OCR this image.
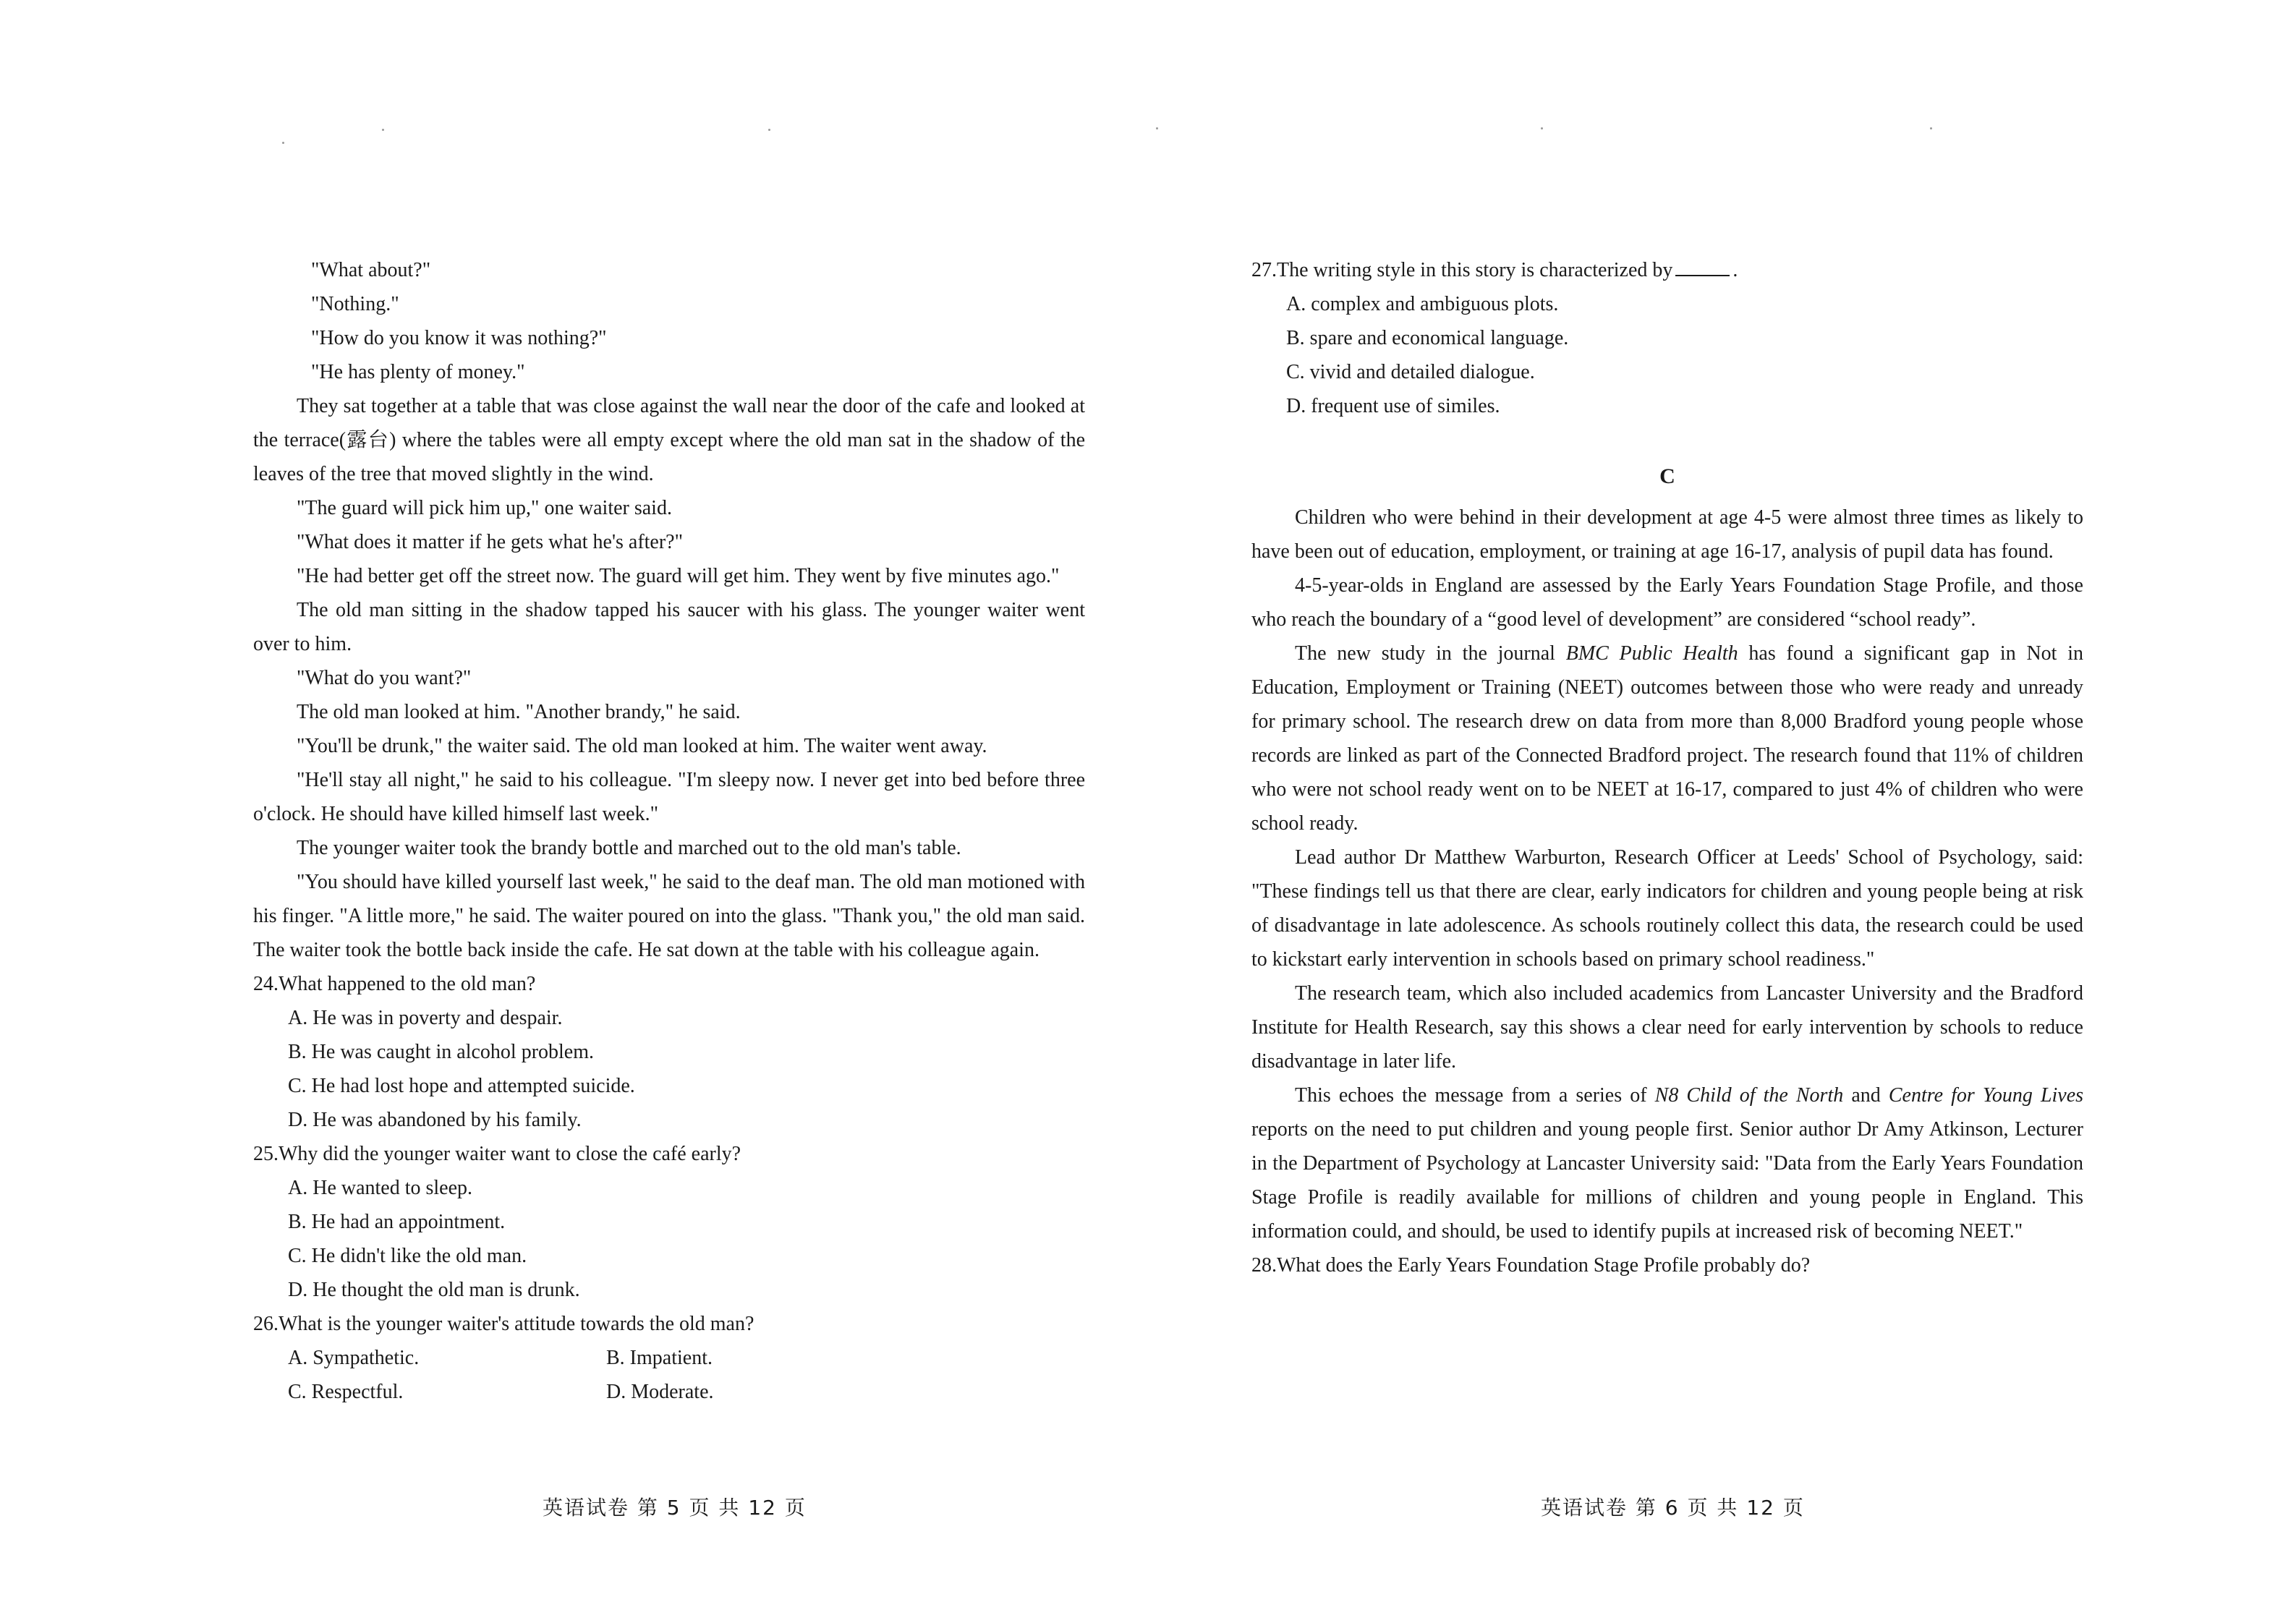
"What about?"

"Nothing."

"How do you know it was nothing?"

"He has plenty of money."

They sat together at a table that was close against the wall near the door of the cafe and looked at the terrace(露台) where the tables were all empty except where the old man sat in the shadow of the leaves of the tree that moved slightly in the wind.

"The guard will pick him up," one waiter said.

"What does it matter if he gets what he's after?"

"He had better get off the street now. The guard will get him. They went by five minutes ago."

The old man sitting in the shadow tapped his saucer with his glass. The younger waiter went over to him.

"What do you want?"

The old man looked at him. "Another brandy," he said.

"You'll be drunk," the waiter said. The old man looked at him. The waiter went away.

"He'll stay all night," he said to his colleague. "I'm sleepy now. I never get into bed before three o'clock. He should have killed himself last week."

The younger waiter took the brandy bottle and marched out to the old man's table.

"You should have killed yourself last week," he said to the deaf man. The old man motioned with his finger. "A little more," he said. The waiter poured on into the glass. "Thank you," the old man said. The waiter took the bottle back inside the cafe. He sat down at the table with his colleague again.

24.What happened to the old man?

A. He was in poverty and despair.

B. He was caught in alcohol problem.

C. He had lost hope and attempted suicide.

D. He was abandoned by his family.

25.Why did the younger waiter want to close the café early?

A. He wanted to sleep.

B. He had an appointment.

C. He didn't like the old man.

D. He thought the old man is drunk.

26.What is the younger waiter's attitude towards the old man?

A. Sympathetic.	B. Impatient.
C. Respectful.	D. Moderate.
英语试卷 第 5 页 共 12 页

27.The writing style in this story is characterized by	.

A. complex and ambiguous plots.

B. spare and economical language.

C. vivid and detailed dialogue.

D. frequent use of similes.

C

Children who were behind in their development at age 4-5 were almost three times as likely to have been out of education, employment, or training at age 16-17, analysis of pupil data has found.

4-5-year-olds in England are assessed by the Early Years Foundation Stage Profile, and those who reach the boundary of a “good level of development” are considered “school ready”.

The new study in the journal BMC Public Health has found a significant gap in Not in Education, Employment or Training (NEET) outcomes between those who were ready and unready for primary school. The research drew on data from more than 8,000 Bradford young people whose records are linked as part of the Connected Bradford project. The research found that 11% of children who were not school ready went on to be NEET at 16-17, compared to just 4% of children who were school ready.

Lead author Dr Matthew Warburton, Research Officer at Leeds' School of Psychology, said: "These findings tell us that there are clear, early indicators for children and young people being at risk of disadvantage in late adolescence. As schools routinely collect this data, the research could be used to kickstart early intervention in schools based on primary school readiness."

The research team, which also included academics from Lancaster University and the Bradford Institute for Health Research, say this shows a clear need for early intervention by schools to reduce disadvantage in later life.

This echoes the message from a series of N8 Child of the North and Centre for Young Lives reports on the need to put children and young people first. Senior author Dr Amy Atkinson, Lecturer in the Department of Psychology at Lancaster University said: "Data from the Early Years Foundation Stage Profile is readily available for millions of children and young people in England. This information could, and should, be used to identify pupils at increased risk of becoming NEET."

28.What does the Early Years Foundation Stage Profile probably do?

英语试卷 第 6 页 共 12 页
